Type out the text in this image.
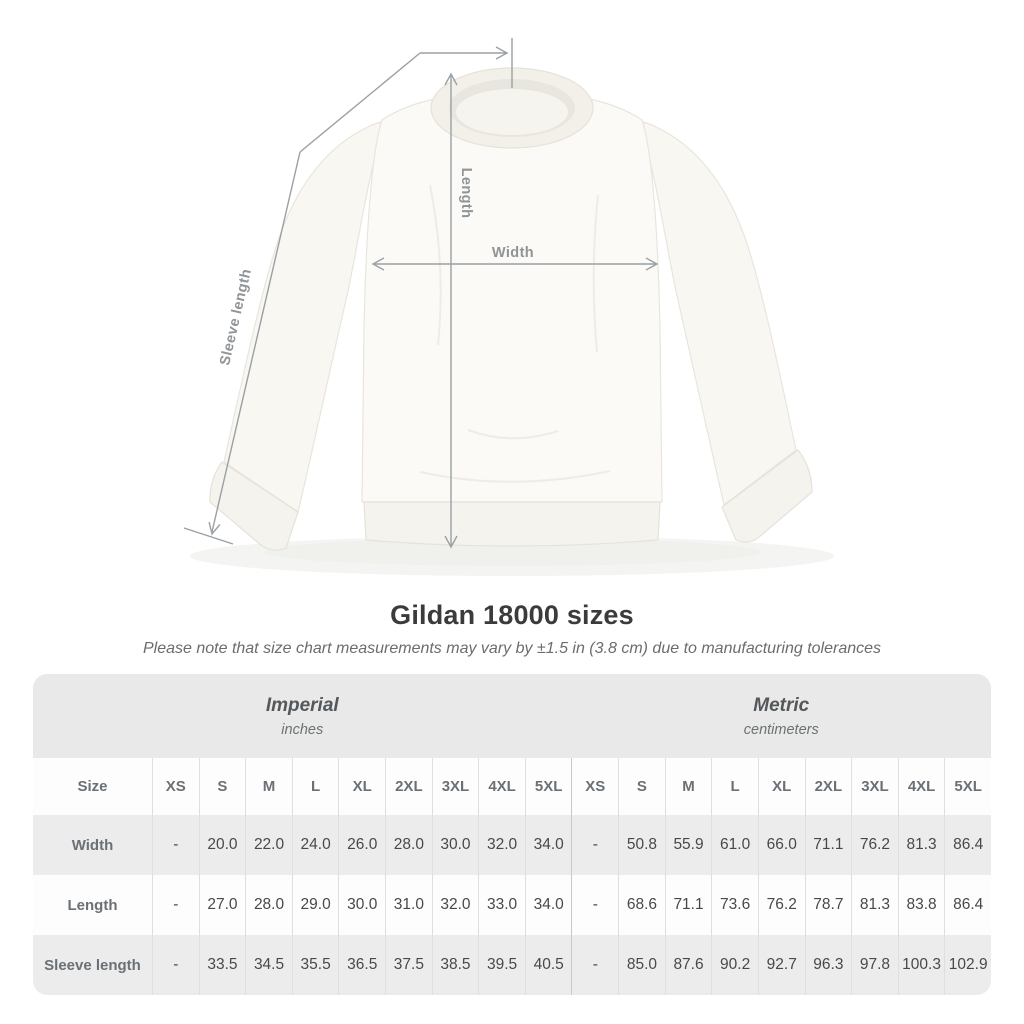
Length
Width
Sleeve length
Gildan 18000 sizes

Please note that size chart measurements may vary by ±1.5 in (3.8 cm) due to manufacturing tolerances

Imperial
inches
Metric
centimeters
Size	XS	S	M	L	XL	2XL	3XL	4XL	5XL	XS	S	M	L	XL	2XL	3XL	4XL	5XL
Width	-	20.0	22.0	24.0	26.0	28.0	30.0	32.0	34.0	-	50.8	55.9	61.0	66.0	71.1	76.2	81.3	86.4
Length	-	27.0	28.0	29.0	30.0	31.0	32.0	33.0	34.0	-	68.6	71.1	73.6	76.2	78.7	81.3	83.8	86.4
Sleeve length	-	33.5	34.5	35.5	36.5	37.5	38.5	39.5	40.5	-	85.0	87.6	90.2	92.7	96.3	97.8 100.3 102.9
